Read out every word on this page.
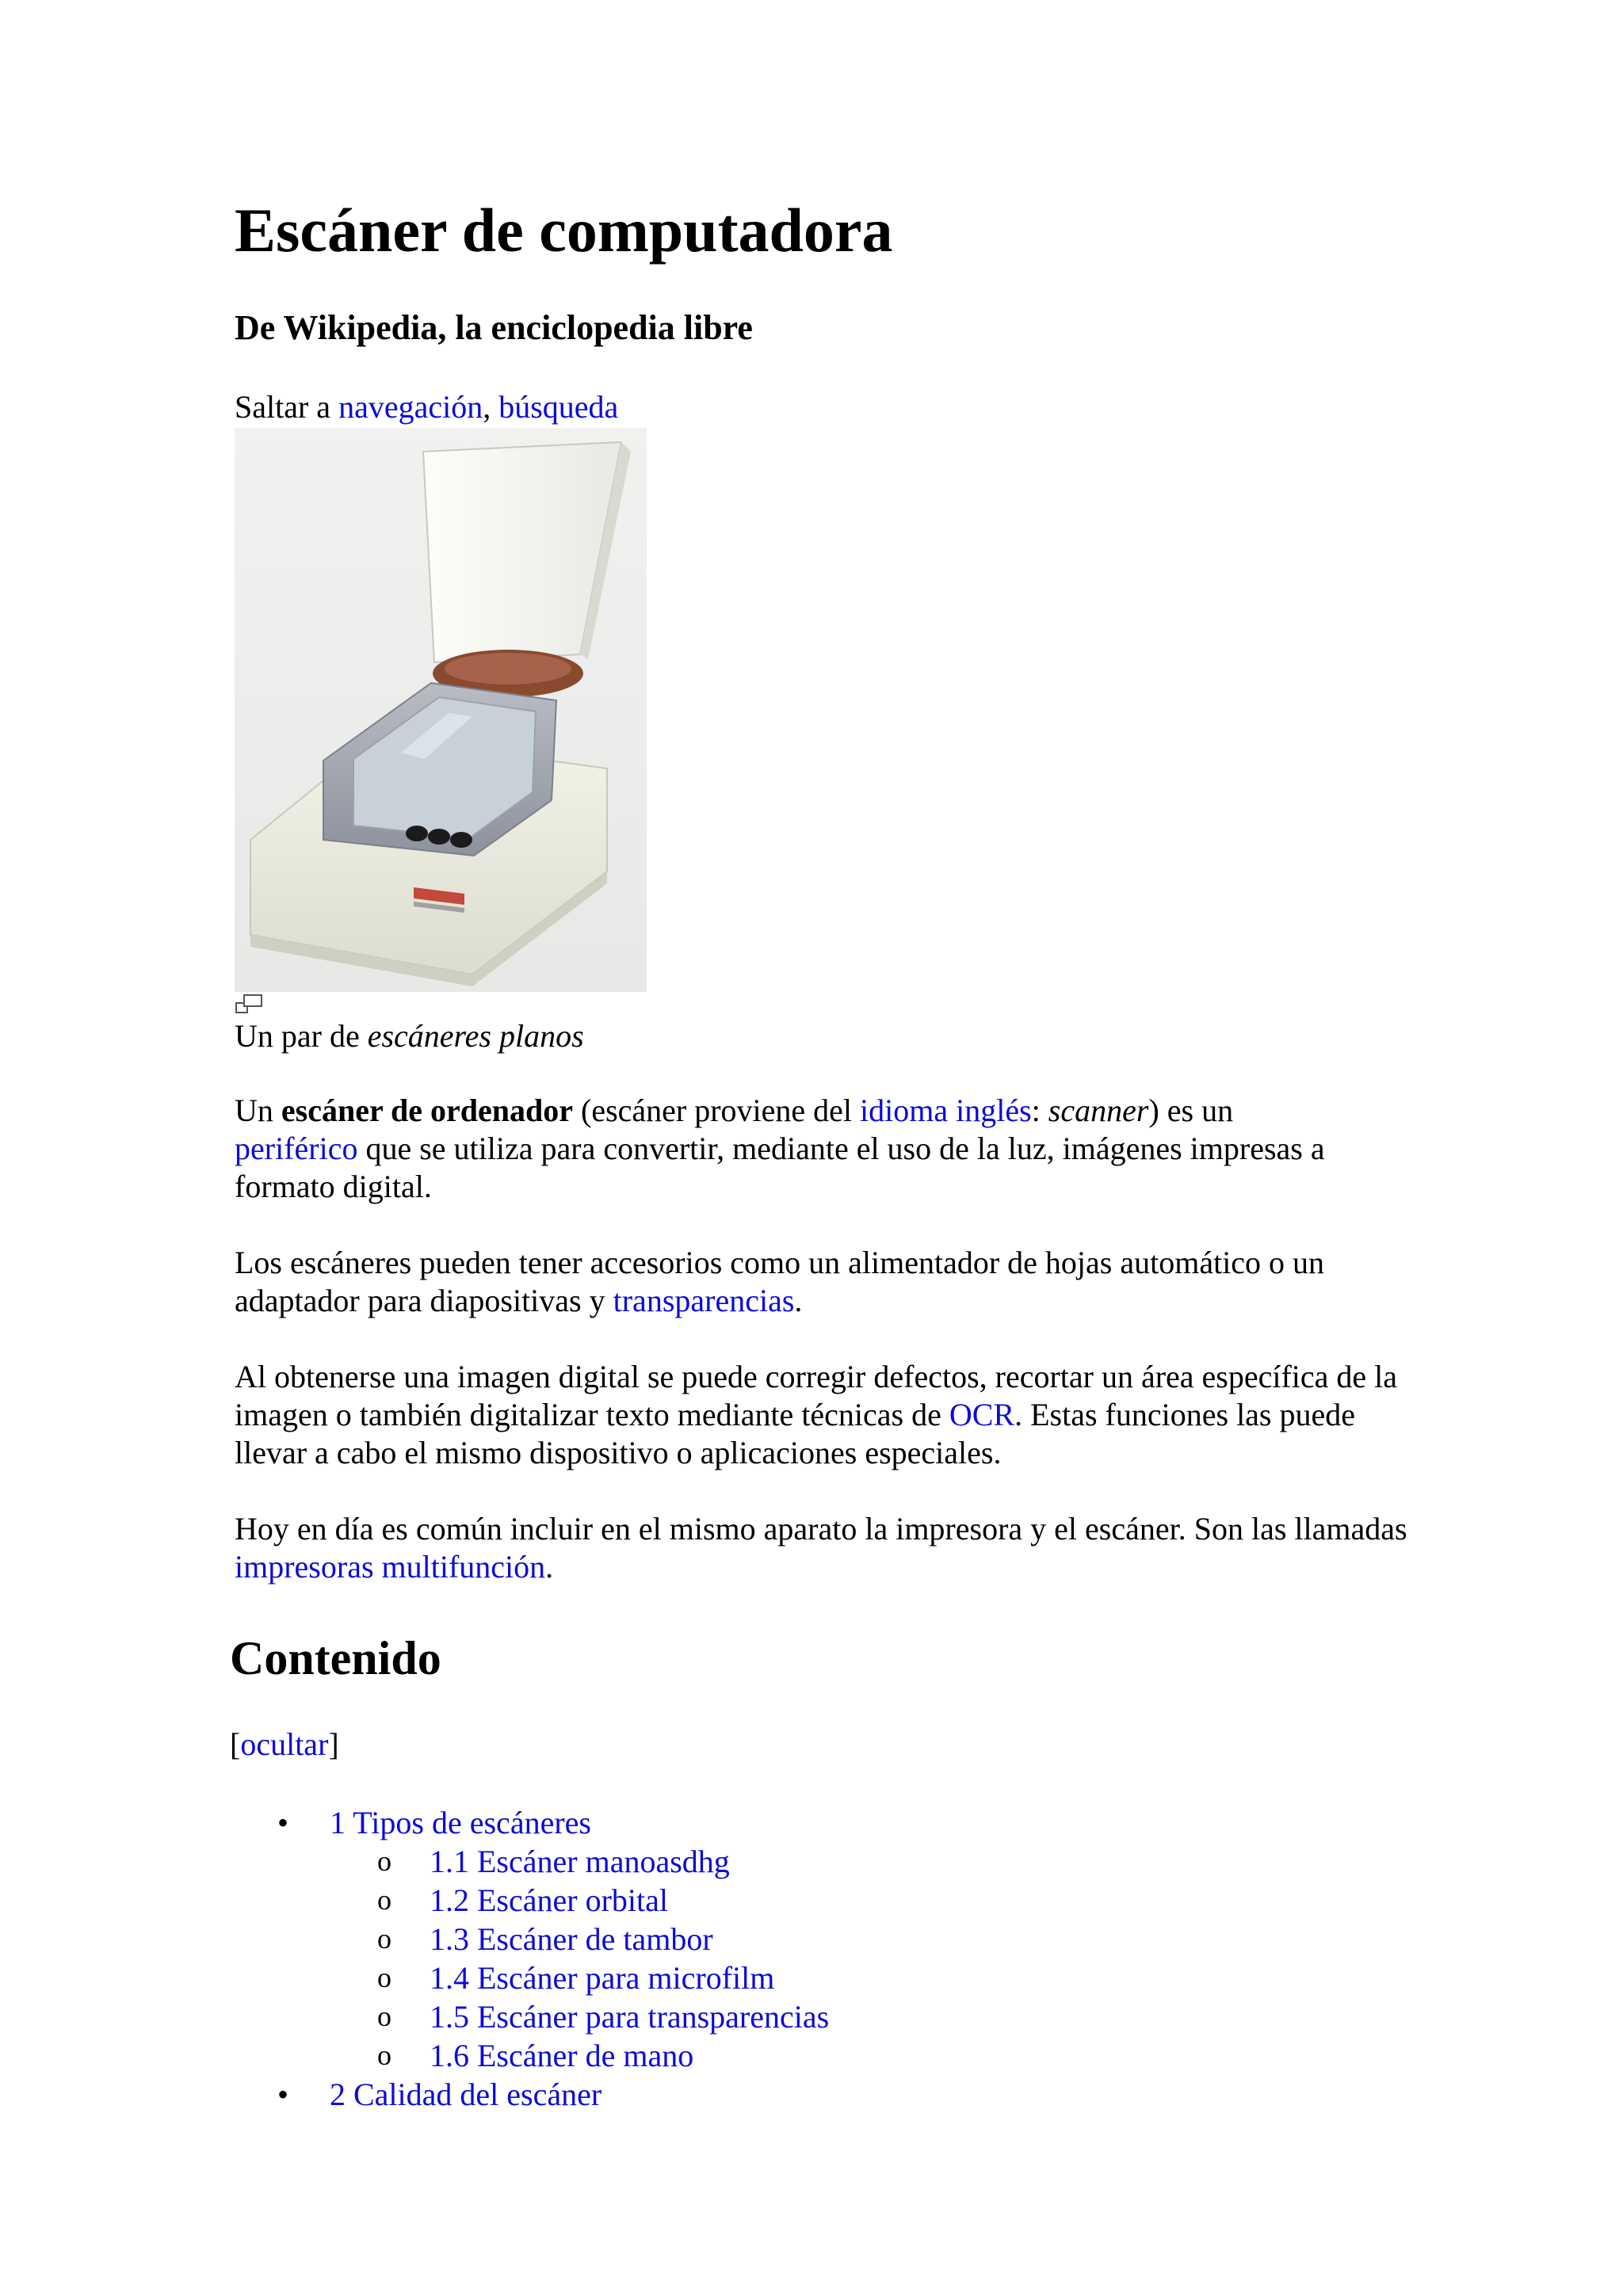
Escáner de computadora
De Wikipedia, la enciclopedia libre
Saltar a navegación, búsqueda
Un par de escáneres planos

Un escáner de ordenador (escáner proviene del idioma inglés: scanner) es un
periférico que se utiliza para convertir, mediante el uso de la luz, imágenes impresas a formato digital.

Los escáneres pueden tener accesorios como un alimentador de hojas automático o un adaptador para diapositivas y transparencias.

Al obtenerse una imagen digital se puede corregir defectos, recortar un área específica de la imagen o también digitalizar texto mediante técnicas de OCR. Estas funciones las puede llevar a cabo el mismo dispositivo o aplicaciones especiales.

Hoy en día es común incluir en el mismo aparato la impresora y el escáner. Son las llamadas impresoras multifunción.

Contenido
[ocultar]
• 1 Tipos de escáneres
o 1.1 Escáner manoasdhg
o 1.2 Escáner orbital
o 1.3 Escáner de tambor
o 1.4 Escáner para microfilm
o 1.5 Escáner para transparencias
o 1.6 Escáner de mano
• 2 Calidad del escáner
